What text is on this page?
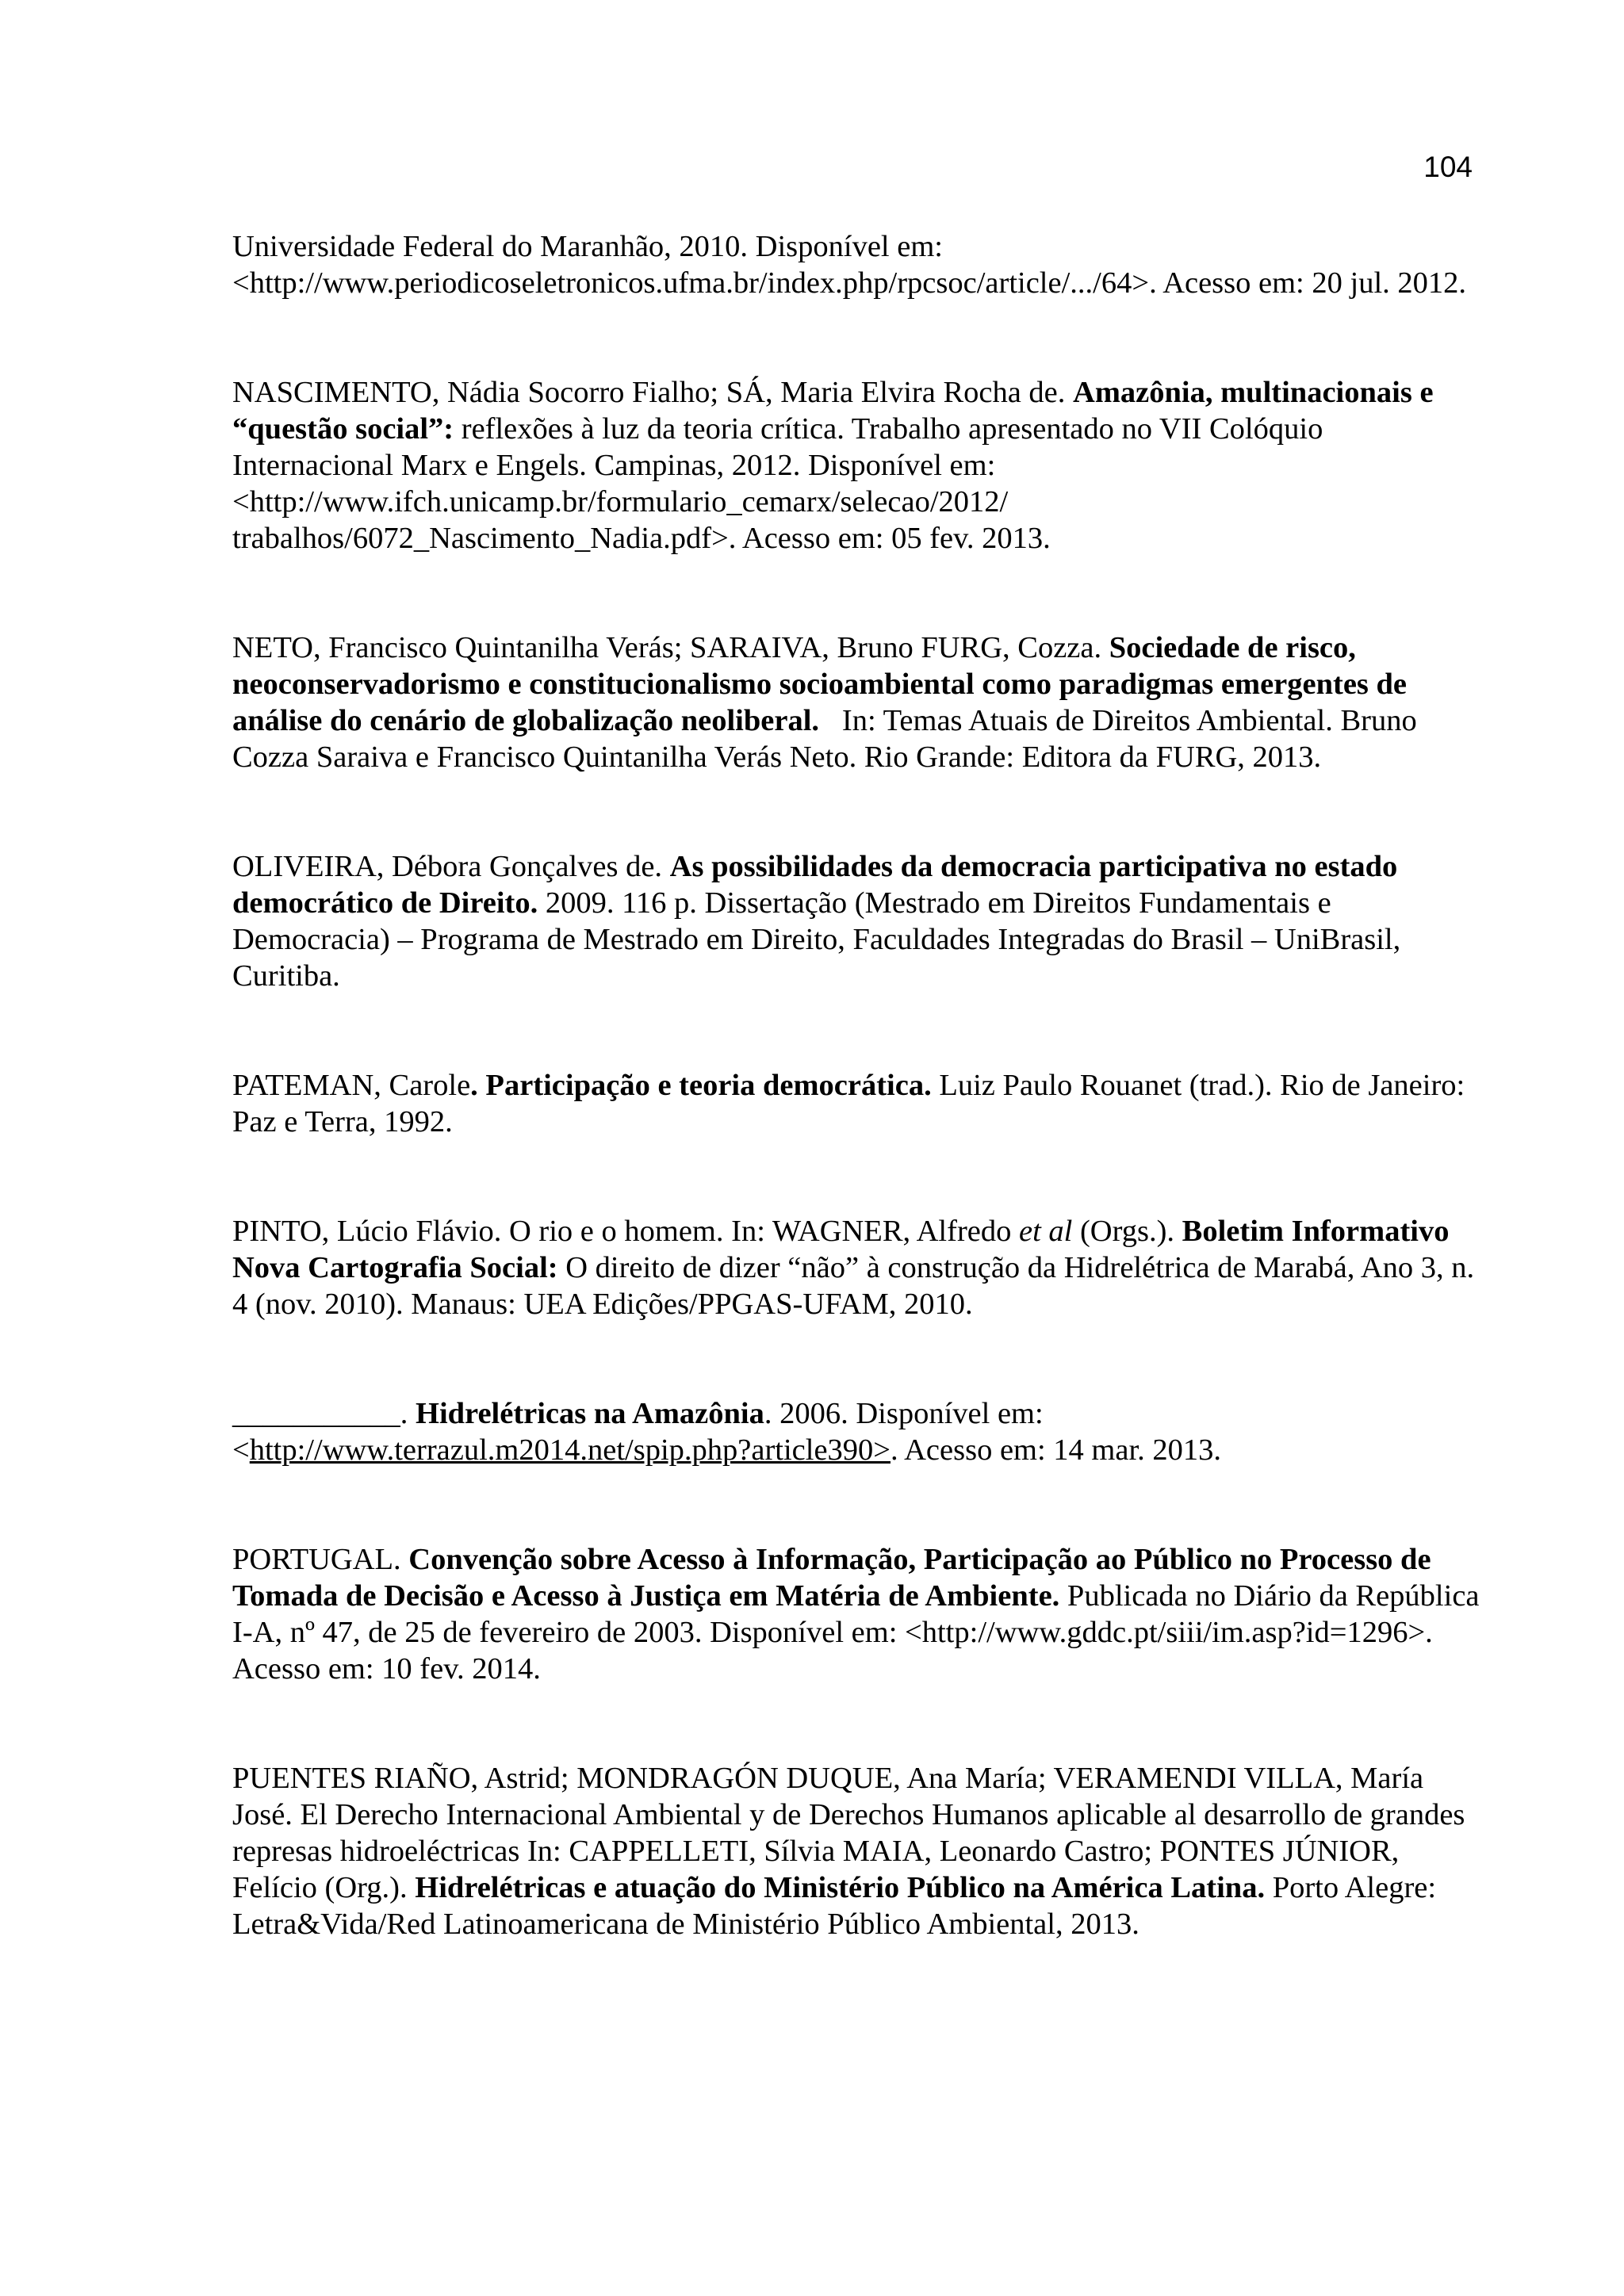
104

Universidade Federal do Maranhão, 2010. Disponível em: <http://www.periodicoseletronicos.ufma.br/index.php/rpcsoc/article/.../64>. Acesso em: 20 jul. 2012.

NASCIMENTO, Nádia Socorro Fialho; SÁ, Maria Elvira Rocha de. Amazônia, multinacionais e “questão social”: reflexões à luz da teoria crítica. Trabalho apresentado no VII Colóquio Internacional Marx e Engels. Campinas, 2012. Disponível em: <http://www.ifch.unicamp.br/formulario_cemarx/selecao/2012/ trabalhos/6072_Nascimento_Nadia.pdf>. Acesso em: 05 fev. 2013.

NETO, Francisco Quintanilha Verás; SARAIVA, Bruno FURG, Cozza. Sociedade de risco, neoconservadorismo e constitucionalismo socioambiental como paradigmas emergentes de análise do cenário de globalização neoliberal.   In: Temas Atuais de Direitos Ambiental. Bruno Cozza Saraiva e Francisco Quintanilha Verás Neto. Rio Grande: Editora da FURG, 2013.

OLIVEIRA, Débora Gonçalves de. As possibilidades da democracia participativa no estado democrático de Direito. 2009. 116 p. Dissertação (Mestrado em Direitos Fundamentais e Democracia) – Programa de Mestrado em Direito, Faculdades Integradas do Brasil – UniBrasil, Curitiba.

PATEMAN, Carole. Participação e teoria democrática. Luiz Paulo Rouanet (trad.). Rio de Janeiro: Paz e Terra, 1992.

PINTO, Lúcio Flávio. O rio e o homem. In: WAGNER, Alfredo et al (Orgs.). Boletim Informativo Nova Cartografia Social: O direito de dizer “não” à construção da Hidrelétrica de Marabá, Ano 3, n. 4 (nov. 2010). Manaus: UEA Edições/PPGAS-UFAM, 2010.

___________. Hidrelétricas na Amazônia. 2006. Disponível em: <http://www.terrazul.m2014.net/spip.php?article390>. Acesso em: 14 mar. 2013.

PORTUGAL. Convenção sobre Acesso à Informação, Participação ao Público no Processo de Tomada de Decisão e Acesso à Justiça em Matéria de Ambiente. Publicada no Diário da República I-A, nº 47, de 25 de fevereiro de 2003. Disponível em: <http://www.gddc.pt/siii/im.asp?id=1296>. Acesso em: 10 fev. 2014.

PUENTES RIAÑO, Astrid; MONDRAGÓN DUQUE, Ana María; VERAMENDI VILLA, María José. El Derecho Internacional Ambiental y de Derechos Humanos aplicable al desarrollo de grandes represas hidroeléctricas In: CAPPELLETI, Sílvia MAIA, Leonardo Castro; PONTES JÚNIOR, Felício (Org.). Hidrelétricas e atuação do Ministério Público na América Latina. Porto Alegre: Letra&Vida/Red Latinoamericana de Ministério Público Ambiental, 2013.
